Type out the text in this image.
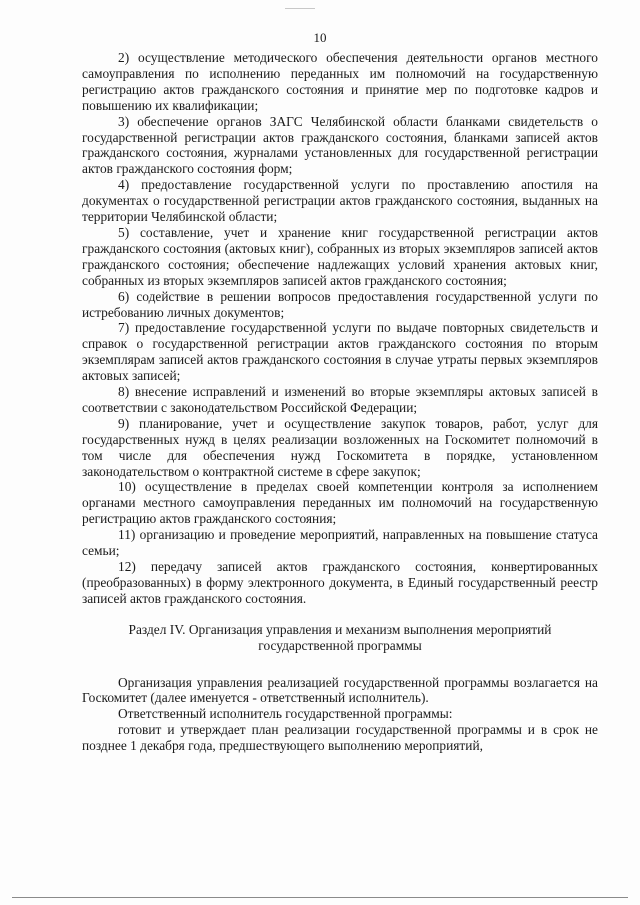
10

2) осуществление методического обеспечения деятельности органов местного самоуправления по исполнению переданных им полномочий на государственную регистрацию актов гражданского состояния и принятие мер по подготовке кадров и повышению их квалификации;

3) обеспечение органов ЗАГС Челябинской области бланками свидетельств о государственной регистрации актов гражданского состояния, бланками записей актов гражданского состояния, журналами установленных для государственной регистрации актов гражданского состояния форм;

4) предоставление государственной услуги по проставлению апостиля на документах о государственной регистрации актов гражданского состояния, выданных на территории Челябинской области;

5) составление, учет и хранение книг государственной регистрации актов гражданского состояния (актовых книг), собранных из вторых экземпляров записей актов гражданского состояния; обеспечение надлежащих условий хранения актовых книг, собранных из вторых экземпляров записей актов гражданского состояния;

6) содействие в решении вопросов предоставления государственной услуги по истребованию личных документов;

7) предоставление государственной услуги по выдаче повторных свидетельств и справок о государственной регистрации актов гражданского состояния по вторым экземплярам записей актов гражданского состояния в случае утраты первых экземпляров актовых записей;

8) внесение исправлений и изменений во вторые экземпляры актовых записей в соответствии с законодательством Российской Федерации;

9) планирование, учет и осуществление закупок товаров, работ, услуг для государственных нужд в целях реализации возложенных на Госкомитет полномочий в том числе для обеспечения нужд Госкомитета в порядке, установленном законодательством о контрактной системе в сфере закупок;

10) осуществление в пределах своей компетенции контроля за исполнением органами местного самоуправления переданных им полномочий на государственную регистрацию актов гражданского состояния;

11) организацию и проведение мероприятий, направленных на повышение статуса семьи;

12) передачу записей актов гражданского состояния, конвертированных (преобразованных) в форму электронного документа, в Единый государственный реестр записей актов гражданского состояния.

Раздел IV. Организация управления и механизм выполнения мероприятий
государственной программы

Организация управления реализацией государственной программы возлагается на Госкомитет (далее именуется - ответственный исполнитель).

Ответственный исполнитель государственной программы:

готовит и утверждает план реализации государственной программы и в срок не позднее 1 декабря года, предшествующего выполнению мероприятий,
